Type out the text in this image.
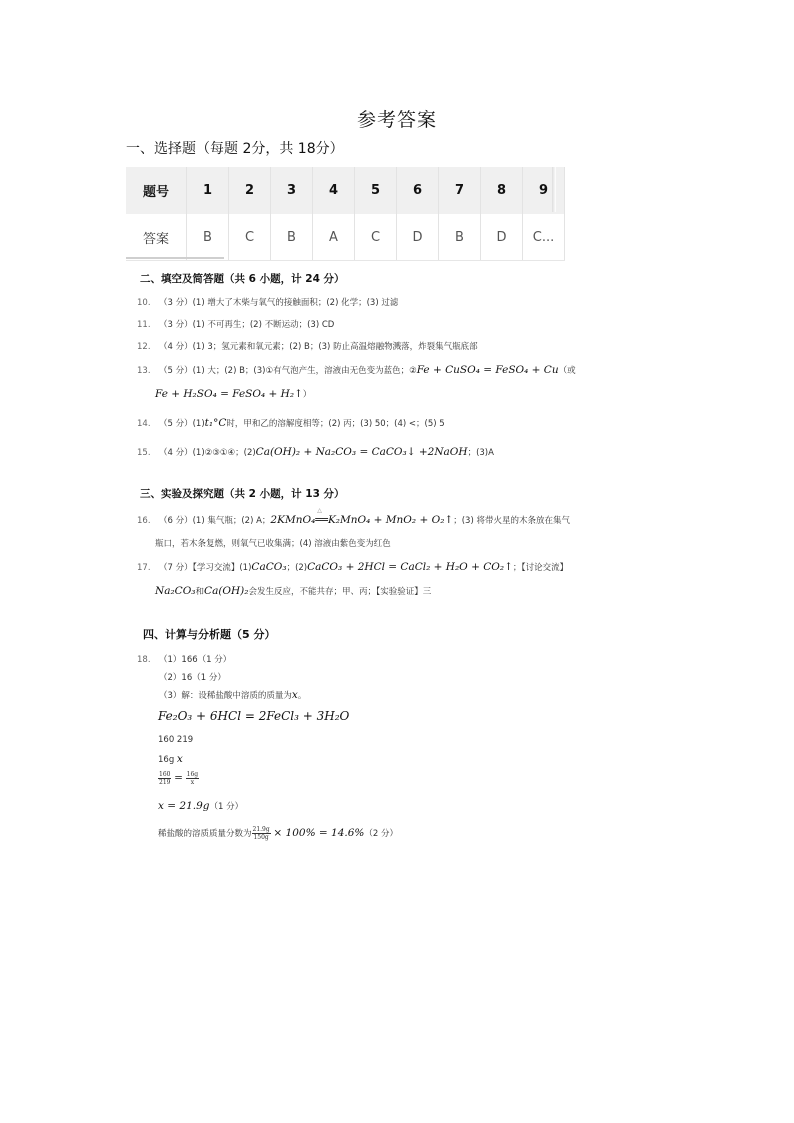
参考答案
一、选择题（每题 2分，共 18分）
题号	1	2	3	4	5	6	7	8	9
答案	B	C	B	A	C	D	B	D	C...
二、填空及简答题（共 6 小题，计 24 分）
10. （3 分）(1) 增大了木柴与氧气的接触面积；(2) 化学；(3) 过滤
11. （3 分）(1) 不可再生；(2) 不断运动；(3) CD
12. （4 分）(1) 3；氢元素和氧元素；(2) B；(3) 防止高温熔融物溅落，炸裂集气瓶底部
13. （5 分）(1) 大；(2) B；(3)①有气泡产生，溶液由无色变为蓝色；②Fe + CuSO₄ = FeSO₄ + Cu（或
Fe + H₂SO₄ = FeSO₄ + H₂↑）
14. （5 分）(1)t₁°C时，甲和乙的溶解度相等；(2) 丙；(3) 50；(4) <；(5) 5
15. （4 分）(1)②③①④；(2)Ca(OH)₂ + Na₂CO₃ = CaCO₃↓ +2NaOH；(3)A
三、实验及探究题（共 2 小题，计 13 分）
16. （6 分）(1) 集气瓶；(2) A；2KMnO₄══
△
K₂MnO₄ + MnO₂ + O₂↑；(3) 将带火星的木条放在集气
瓶口，若木条复燃，则氧气已收集满；(4) 溶液由紫色变为红色
17. （7 分）【学习交流】(1)CaCO₃；(2)CaCO₃ + 2HCl = CaCl₂ + H₂O + CO₂↑；【讨论交流】
Na₂CO₃和Ca(OH)₂会发生反应，不能共存；甲、丙；【实验验证】三
四、计算与分析题（5 分）
18. （1）166（1 分）
（2）16（1 分）
（3）解：设稀盐酸中溶质的质量为x。
Fe₂O₃ + 6HCl = 2FeCl₃ + 3H₂O
160 219
16g x
$\frac{160}{219} = \frac{16g}{x}$
x = 21.9g（1 分）
稀盐酸的溶质质量分数为 $\frac{21.9g}{150g} \times 100\% = 14.6\%(2$ 分）
